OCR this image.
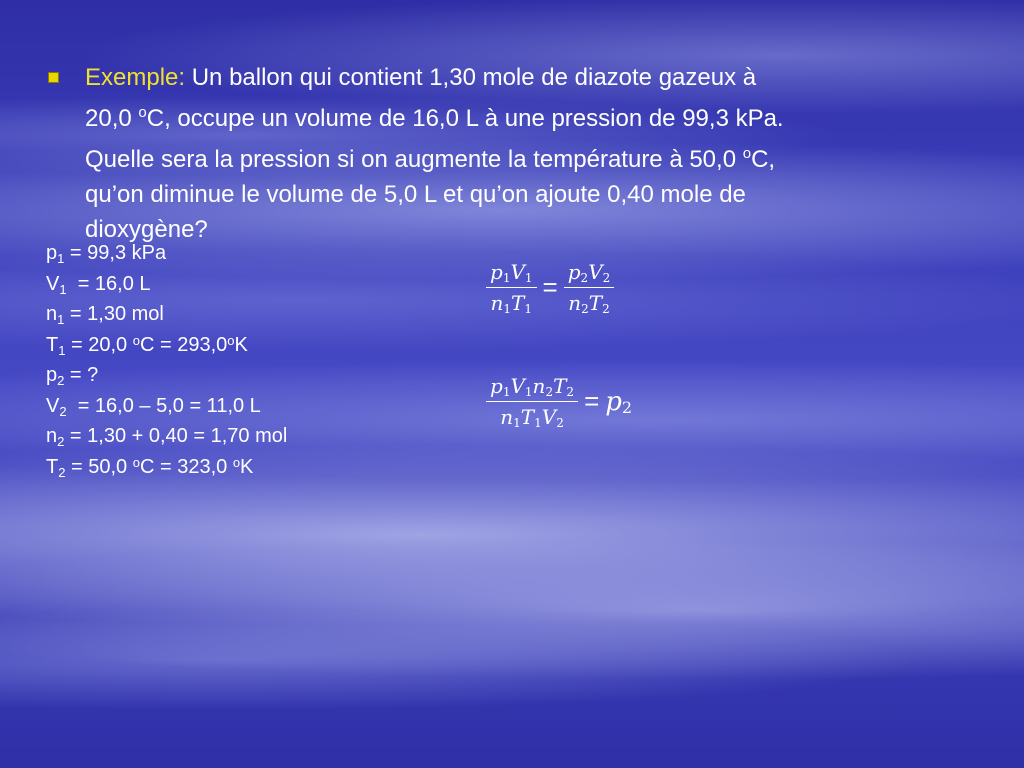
Exemple: Un ballon qui contient 1,30 mole de diazote gazeux à
20,0 $^o$C, occupe un volume de 16,0 L à une pression de 99,3 kPa.
Quelle sera la pression si on augmente la température à 50,0 $^o$C,
qu’on diminue le volume de 5,0 L et qu’on ajoute 0,40 mole de
dioxygène?
$p_1 = 99,3$ kPa
$V_1 = 16,0$ L
$n_1 = 1,30$ mol
$T_1 = 20,0$ $^oC = 293,0^oK$
$p_2$ = ?
$V_2 = 16,0 - 5,0 = 11,0$ L
$n_2 = 1,30 + 0,40 = 1,70$ mol
$T_2 = 50,0$ $^o$C = 323,0 $^o$K
$\frac{p_1V_1}{n_1T_1} = \frac{p_2V_2}{n_2T_2}$
$\frac{p_1V_1n_2T_2}{n_1T_1V_2} = p_2$
